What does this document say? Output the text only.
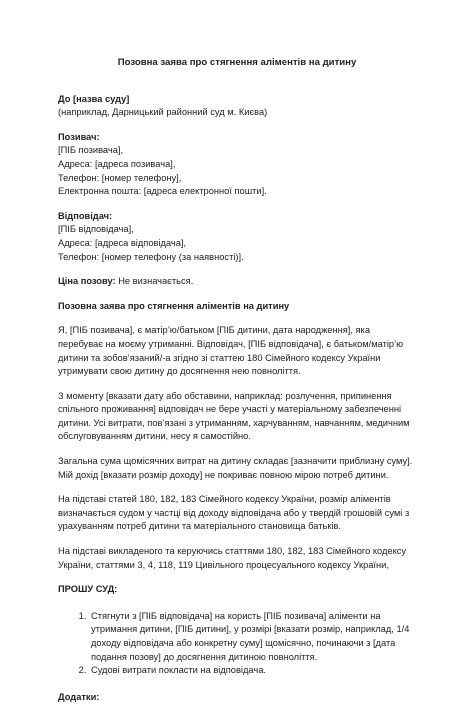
Позовна заява про стягнення аліментів на дитину

До [назва суду]

(наприклад, Дарницький районний суд м. Києва)

Позивач:

[ПІБ позивача],

Адреса: [адреса позивача],

Телефон: [номер телефону],

Електронна пошта: [адреса електронної пошти].

Відповідач:

[ПІБ відповідача],

Адреса: [адреса відповідача],

Телефон: [номер телефону (за наявності)].

Ціна позову: Не визначається.

Позовна заява про стягнення аліментів на дитину

Я, [ПІБ позивача], є матір’ю/батьком [ПІБ дитини, дата народження], яка перебуває на моєму утриманні. Відповідач, [ПІБ відповідача], є батьком/матір’ю дитини та зобов’язаний/-а згідно зі статтею 180 Сімейного кодексу України утримувати свою дитину до досягнення нею повноліття.

З моменту [вказати дату або обставини, наприклад: розлучення, припинення спільного проживання] відповідач не бере участі у матеріальному забезпеченні дитини. Усі витрати, пов’язані з утриманням, харчуванням, навчанням, медичним обслуговуванням дитини, несу я самостійно.

Загальна сума щомісячних витрат на дитину складає [зазначити приблизну суму]. Мій дохід [вказати розмір доходу] не покриває повною мірою потреб дитини.

На підставі статей 180, 182, 183 Сімейного кодексу України, розмір аліментів визначається судом у частці від доходу відповідача або у твердій грошовій сумі з урахуванням потреб дитини та матеріального становища батьків.

На підставі викладеного та керуючись статтями 180, 182, 183 Сімейного кодексу України, статтями 3, 4, 118, 119 Цивільного процесуального кодексу України,

ПРОШУ СУД:

1. Стягнути з [ПІБ відповідача] на користь [ПІБ позивача] аліменти на утримання дитини, [ПІБ дитини], у розмірі [вказати розмір, наприклад, 1/4 доходу відповідача або конкретну суму] щомісячно, починаючи з [дата подання позову] до досягнення дитиною повноліття.
2. Судові витрати покласти на відповідача.

Додатки:
